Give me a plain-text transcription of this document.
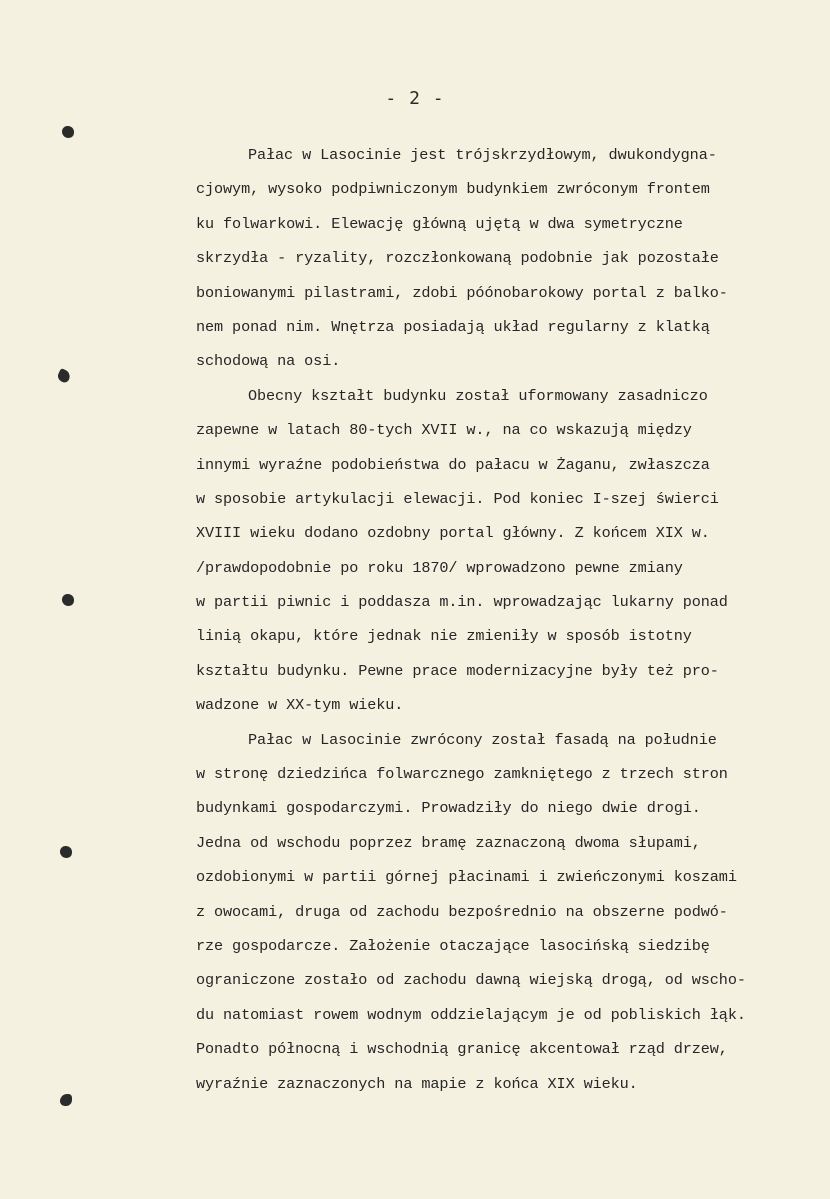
- 2 -
Pałac w Lasocinie jest trójskrzydłowym, dwukondygna-
cjowym, wysoko podpiwniczonym budynkiem zwróconym frontem
ku folwarkowi. Elewację główną ujętą w dwa symetryczne
skrzydła - ryzality, rozczłonkowaną podobnie jak pozostałe
boniowanymi pilastrami, zdobi póónobarokowy portal z balko-
nem ponad nim. Wnętrza posiadają układ regularny z klatką
schodową na osi.
Obecny kształt budynku został uformowany zasadniczo
zapewne w latach 80-tych XVII w., na co wskazują między
innymi wyraźne podobieństwa do pałacu w Żaganu, zwłaszcza
w sposobie artykulacji elewacji. Pod koniec I-szej świerci
XVIII wieku dodano ozdobny portal główny. Z końcem XIX w.
/prawdopodobnie po roku 1870/ wprowadzono pewne zmiany
w partii piwnic i poddasza m.in. wprowadzając lukarny ponad
linią okapu, które jednak nie zmieniły w sposób istotny
kształtu budynku. Pewne prace modernizacyjne były też pro-
wadzone w XX-tym wieku.
Pałac w Lasocinie zwrócony został fasadą na południe
w stronę dziedzińca folwarcznego zamkniętego z trzech stron
budynkami gospodarczymi. Prowadziły do niego dwie drogi.
Jedna od wschodu poprzez bramę zaznaczoną dwoma słupami,
ozdobionymi w partii górnej płacinami i zwieńczonymi koszami
z owocami, druga od zachodu bezpośrednio na obszerne podwó-
rze gospodarcze. Założenie otaczające lasocińską siedzibę
ograniczone zostało od zachodu dawną wiejską drogą, od wscho-
du natomiast rowem wodnym oddzielającym je od pobliskich łąk.
Ponadto północną i wschodnią granicę akcentował rząd drzew,
wyraźnie zaznaczonych na mapie z końca XIX wieku.
